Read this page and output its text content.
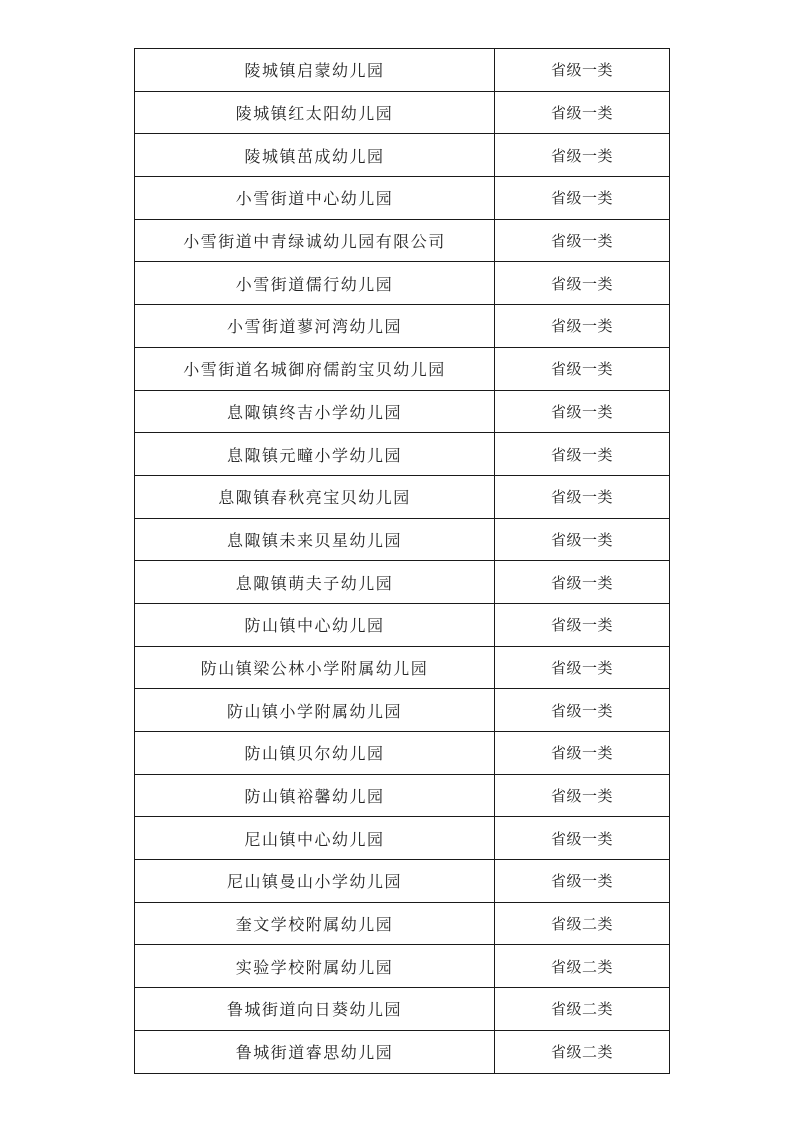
陵城镇启蒙幼儿园	省级一类
陵城镇红太阳幼儿园	省级一类
陵城镇茁成幼儿园	省级一类
小雪街道中心幼儿园	省级一类
小雪街道中青绿诚幼儿园有限公司	省级一类
小雪街道儒行幼儿园	省级一类
小雪街道蓼河湾幼儿园	省级一类
小雪街道名城御府儒韵宝贝幼儿园	省级一类
息陬镇终吉小学幼儿园	省级一类
息陬镇元疃小学幼儿园	省级一类
息陬镇春秋亮宝贝幼儿园	省级一类
息陬镇未来贝星幼儿园	省级一类
息陬镇萌夫子幼儿园	省级一类
防山镇中心幼儿园	省级一类
防山镇梁公林小学附属幼儿园	省级一类
防山镇小学附属幼儿园	省级一类
防山镇贝尔幼儿园	省级一类
防山镇裕馨幼儿园	省级一类
尼山镇中心幼儿园	省级一类
尼山镇曼山小学幼儿园	省级一类
奎文学校附属幼儿园	省级二类
实验学校附属幼儿园	省级二类
鲁城街道向日葵幼儿园	省级二类
鲁城街道睿思幼儿园	省级二类
